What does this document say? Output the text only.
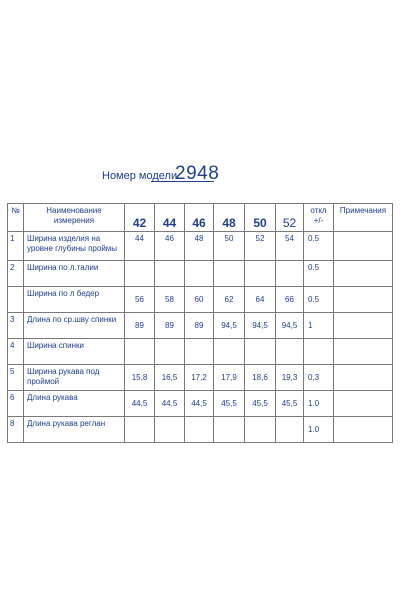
Номер модели
2948
№	Наименование измерения	42	44	46	48	50	52	откл +/-	Примечания
1	Ширина изделия на уровне глубины проймы	44	46	48	50	52	54	0.5	
2	Ширина по л.талии							0.5	
	Ширина по л бедер	56	58	60	62	64	66	0.5	
3	Длина по ср.шву спинки	89	89	89	94,5	94,5	94,5	1	
4	Ширина спинки								
5	Ширина рукава под проймой	15,8	16,5	17,2	17,9	18,6	19,3	0,3	
6	Длина рукава	44,5	44,5	44,5	45,5	45,5	45,5	1.0	
8	Длина рукава реглан							1.0	
